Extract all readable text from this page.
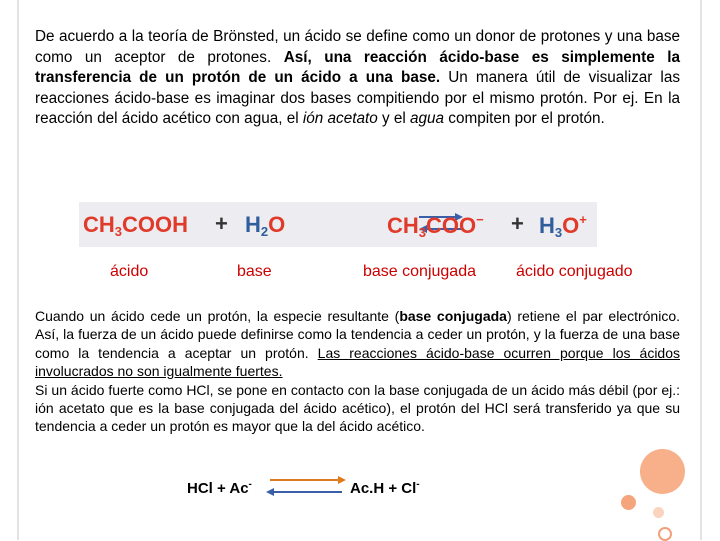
De acuerdo a la teoría de Brönsted, un ácido se define como un donor de protones y una base como un aceptor de protones. Así, una reacción ácido-base es simplemente la transferencia de un protón de un ácido a una base. Un manera útil de visualizar las reacciones ácido-base es imaginar dos bases compitiendo por el mismo protón. Por ej. En la reacción del ácido acético con agua, el ión acetato y el agua compiten por el protón.
$CH_3COOH + H_2O$	$CH_3COO^- + H_3O^+$
ácido	base	base conjugada	ácido conjugado
Cuando un ácido cede un protón, la especie resultante (base conjugada) retiene el par electrónico. Así, la fuerza de un ácido puede definirse como la tendencia a ceder un protón, y la fuerza de una base como la tendencia a aceptar un protón. Las reacciones ácido-base ocurren porque los ácidos involucrados no son igualmente fuertes.
Si un ácido fuerte como HCl, se pone en contacto con la base conjugada de un ácido más débil (por ej.: ión acetato que es la base conjugada del ácido acético), el protón del HCl será transferido ya que su tendencia a ceder un protón es mayor que la del ácido acético.
HCl + Ac-	Ac.H + Cl-
